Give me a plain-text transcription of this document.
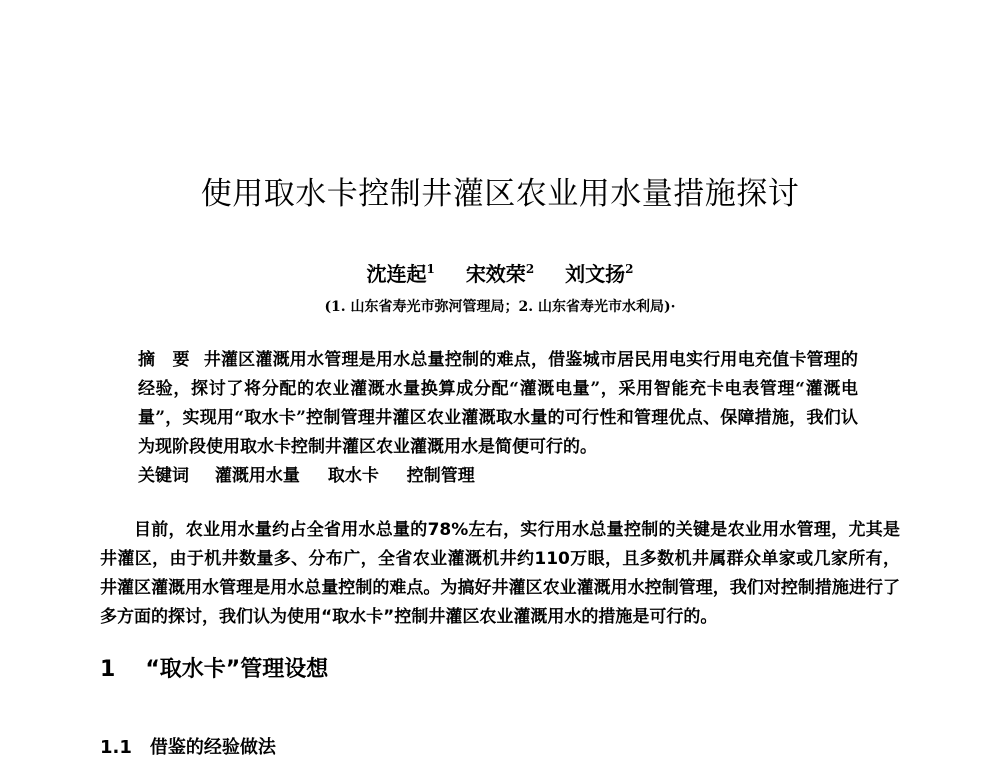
使用取水卡控制井灌区农业用水量措施探讨
沈连起$^1$ 宋效荣$^2$ 刘文扬$^2$
(1. 山东省寿光市弥河管理局；2. 山东省寿光市水利局)·
摘　要 井灌区灌溉用水管理是用水总量控制的难点，借鉴城市居民用电实行用电充值卡管理的经验，探讨了将分配的农业灌溉水量换算成分配“灌溉电量”，采用智能充卡电表管理“灌溉电量”，实现用“取水卡”控制管理井灌区农业灌溉取水量的可行性和管理优点、保障措施，我们认为现阶段使用取水卡控制井灌区农业灌溉用水是简便可行的。
关键词 灌溉用水量 取水卡 控制管理

目前，农业用水量约占全省用水总量的78%左右，实行用水总量控制的关键是农业用水管理，尤其是井灌区，由于机井数量多、分布广，全省农业灌溉机井约110万眼，且多数机井属群众单家或几家所有，井灌区灌溉用水管理是用水总量控制的难点。为搞好井灌区农业灌溉用水控制管理，我们对控制措施进行了多方面的探讨，我们认为使用“取水卡”控制井灌区农业灌溉用水的措施是可行的。

1 “取水卡”管理设想
1.1 借鉴的经验做法
